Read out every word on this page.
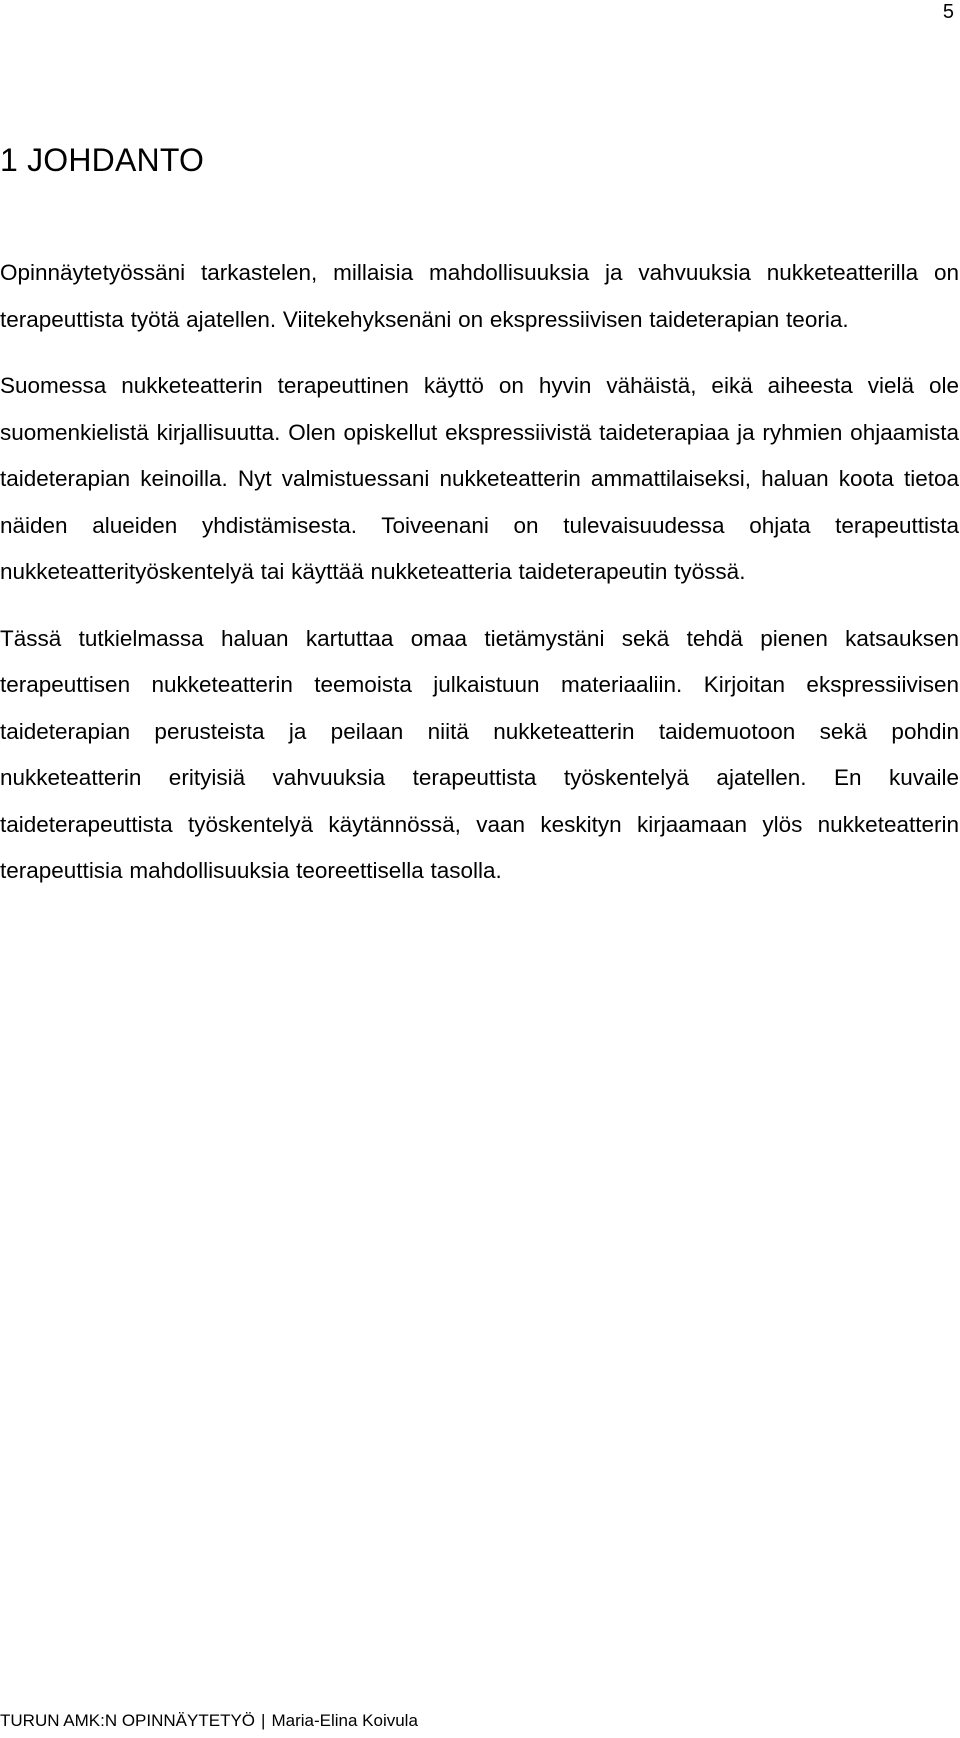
5
1 JOHDANTO

Opinnäytetyössäni tarkastelen, millaisia mahdollisuuksia ja vahvuuksia nukketeatterilla on terapeuttista työtä ajatellen. Viitekehyksenäni on ekspressiivisen taideterapian teoria.

Suomessa nukketeatterin terapeuttinen käyttö on hyvin vähäistä, eikä aiheesta vielä ole suomenkielistä kirjallisuutta. Olen opiskellut ekspressiivistä taideterapiaa ja ryhmien ohjaamista taideterapian keinoilla. Nyt valmistuessani nukketeatterin ammattilaiseksi, haluan koota tietoa näiden alueiden yhdistämisesta. Toiveenani on tulevaisuudessa ohjata terapeuttista nukketeatterityöskentelyä tai käyttää nukketeatteria taideterapeutin työssä.

Tässä tutkielmassa haluan kartuttaa omaa tietämystäni sekä tehdä pienen katsauksen terapeuttisen nukketeatterin teemoista julkaistuun materiaaliin. Kirjoitan ekspressiivisen taideterapian perusteista ja peilaan niitä nukketeatterin taidemuotoon sekä pohdin nukketeatterin erityisiä vahvuuksia terapeuttista työskentelyä ajatellen. En kuvaile taideterapeuttista työskentelyä käytännössä, vaan keskityn kirjaamaan ylös nukketeatterin terapeuttisia mahdollisuuksia teoreettisella tasolla.

TURUN AMK:N OPINNÄYTETYÖ | Maria-Elina Koivula
